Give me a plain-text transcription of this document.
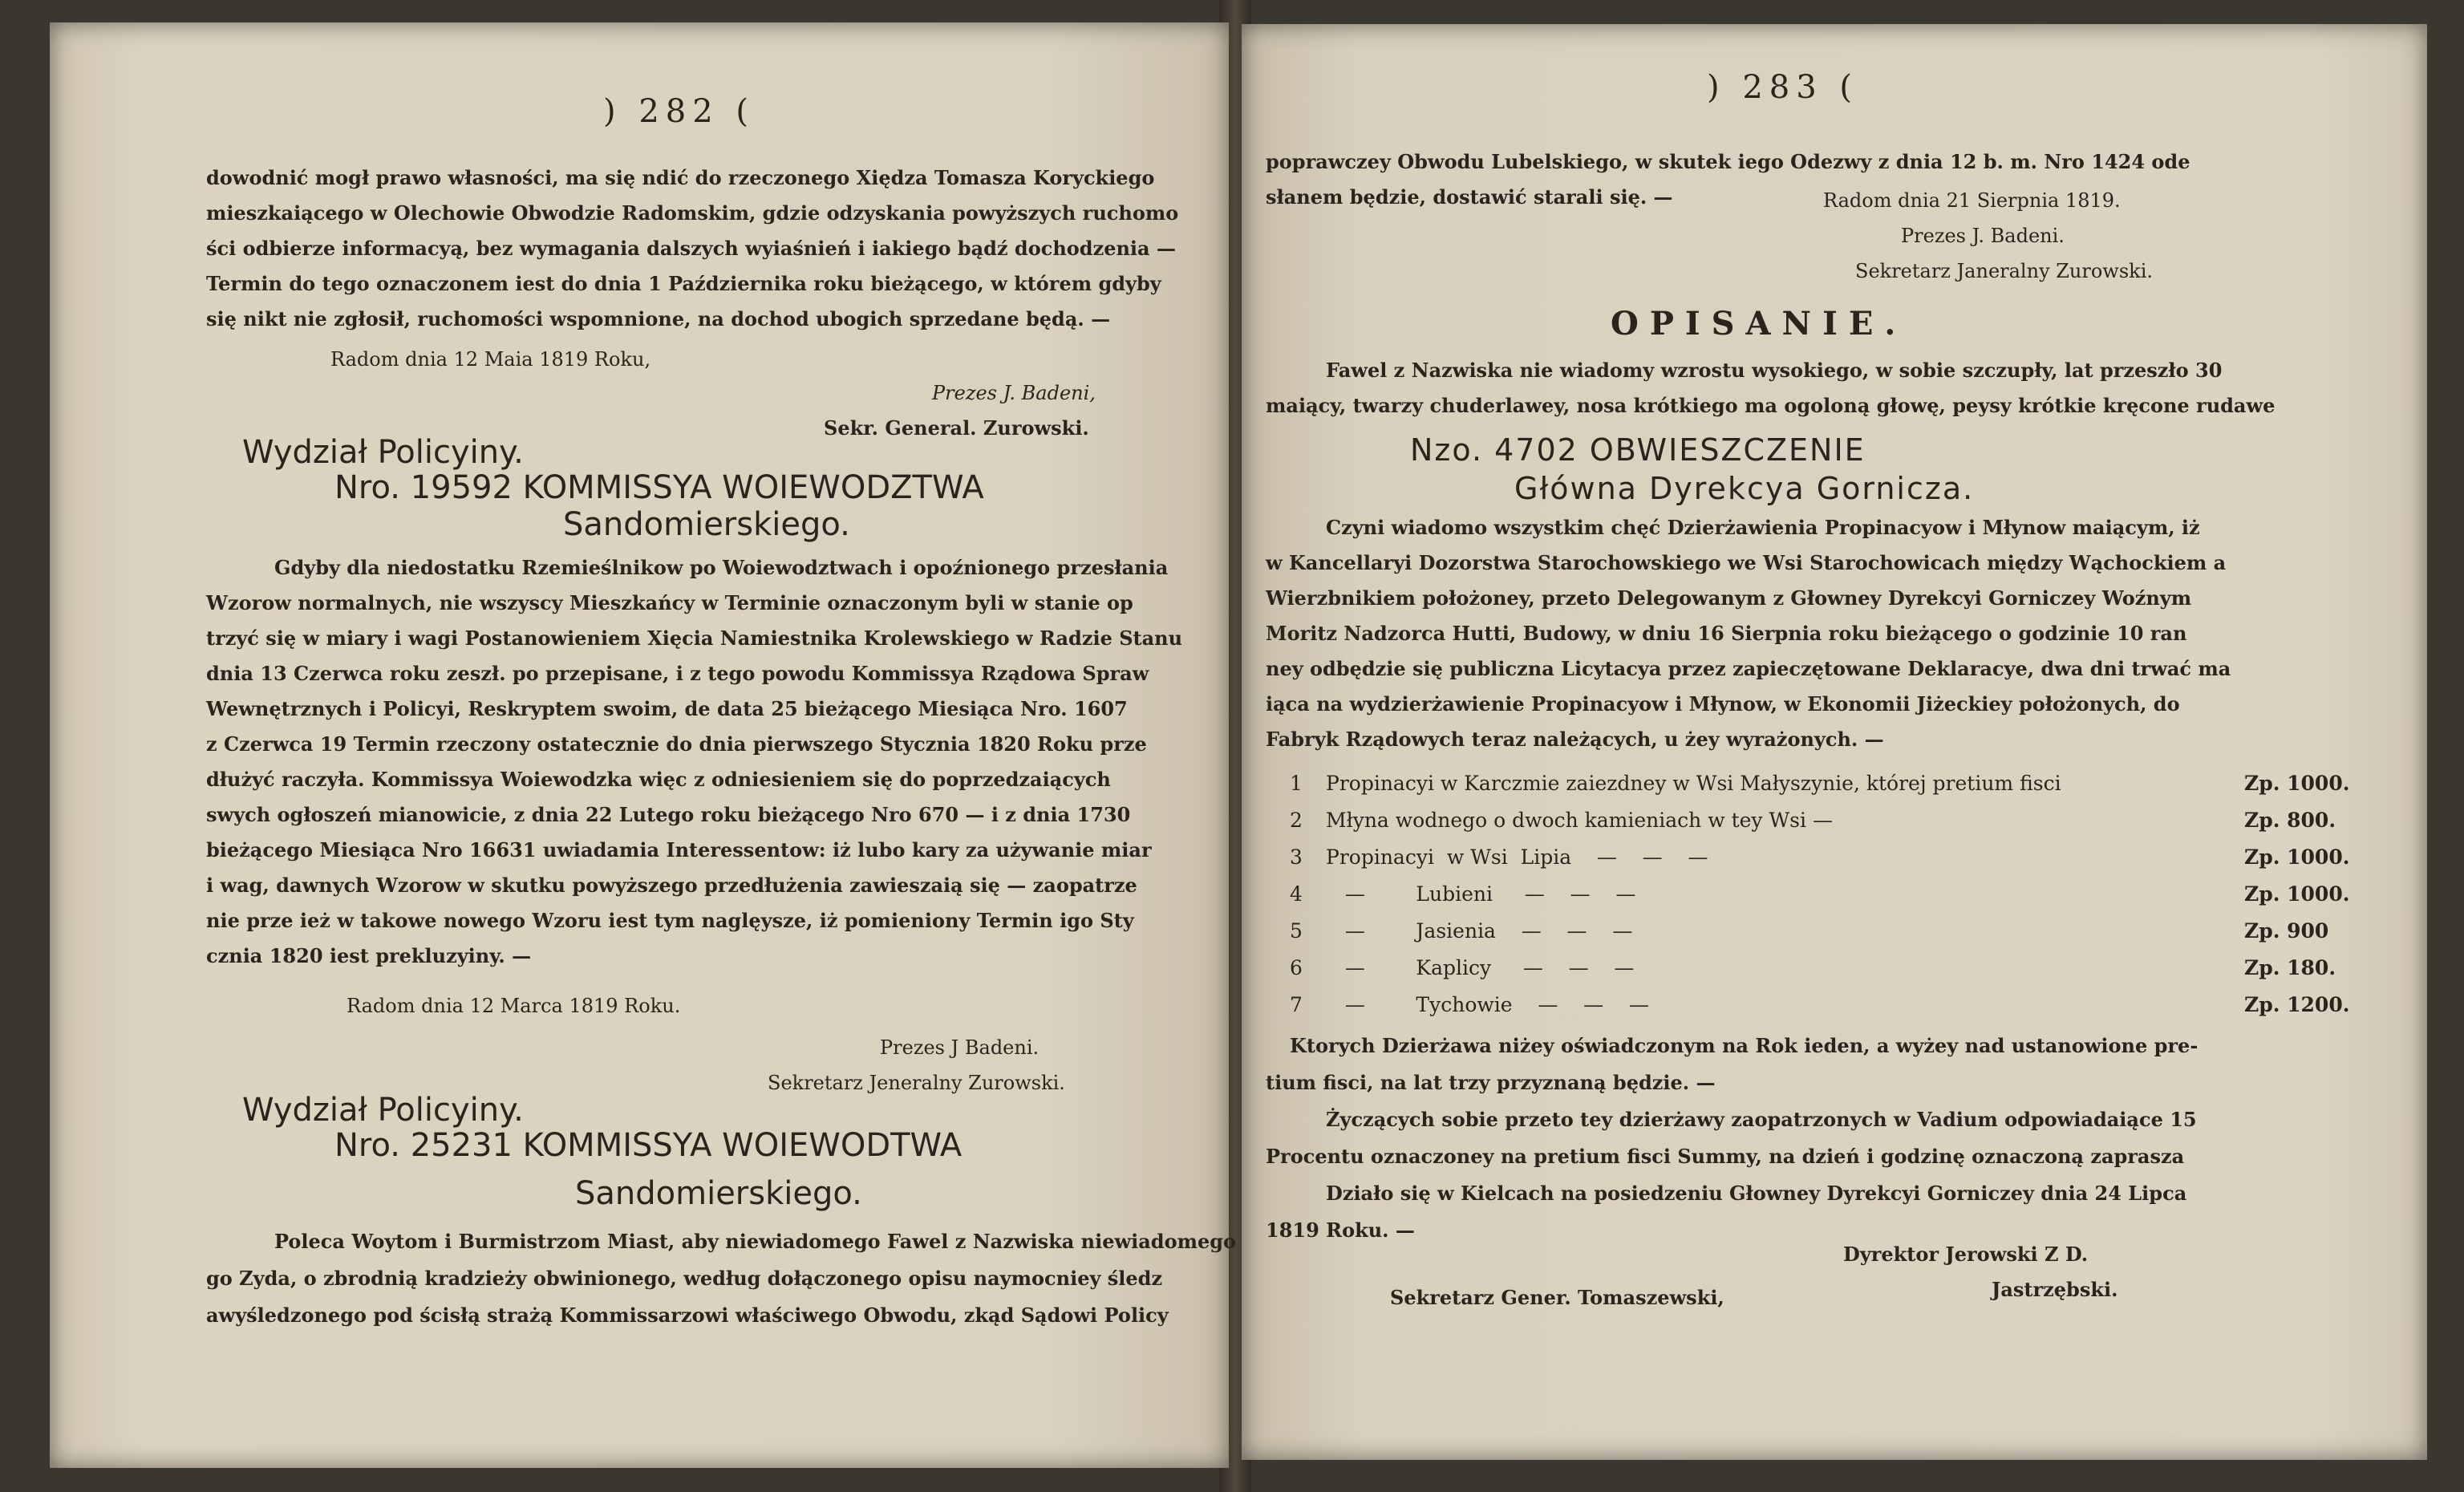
) 282 (
dowodnić mogł prawo własności, ma się ndić do rzeczonego Xiędza Tomasza Koryckiego
mieszkaiącego w Olechowie Obwodzie Radomskim, gdzie odzyskania powyższych ruchomo
ści odbierze informacyą, bez wymagania dalszych wyiaśnień i iakiego bądź dochodzenia —
Termin do tego oznaczonem iest do dnia 1 Października roku bieżącego, w którem gdyby
się nikt nie zgłosił, ruchomości wspomnione, na dochod ubogich sprzedane będą. —
Radom dnia 12 Maia 1819 Roku,
Prezes J. Badeni,
Sekr. General. Zurowski.
Wydział Policyiny.
Nro. 19592 KOMMISSYA WOIEWODZTWA
Sandomierskiego.
Gdyby dla niedostatku Rzemieślnikow po Woiewodztwach i opoźnionego przesłania
Wzorow normalnych, nie wszyscy Mieszkańcy w Terminie oznaczonym byli w stanie op
trzyć się w miary i wagi Postanowieniem Xięcia Namiestnika Krolewskiego w Radzie Stanu
dnia 13 Czerwca roku zeszł. po przepisane, i z tego powodu Kommissya Rządowa Spraw
Wewnętrznych i Policyi, Reskryptem swoim, de data 25 bieżącego Miesiąca Nro. 1607
z Czerwca 19 Termin rzeczony ostatecznie do dnia pierwszego Stycznia 1820 Roku prze
dłużyć raczyła. Kommissya Woiewodzka więc z odniesieniem się do poprzedzaiących
swych ogłoszeń mianowicie, z dnia 22 Lutego roku bieżącego Nro 670 — i z dnia 1730
bieżącego Miesiąca Nro 16631 uwiadamia Interessentow: iż lubo kary za używanie miar
i wag, dawnych Wzorow w skutku powyższego przedłużenia zawieszaią się — zaopatrze
nie prze ież w takowe nowego Wzoru iest tym naglęysze, iż pomieniony Termin igo Sty
cznia 1820 iest prekluzyiny. —
Radom dnia 12 Marca 1819 Roku.
Prezes J Badeni.
Sekretarz Jeneralny Zurowski.
Wydział Policyiny.
Nro. 25231 KOMMISSYA WOIEWODTWA
Sandomierskiego.
Poleca Woytom i Burmistrzom Miast, aby niewiadomego Fawel z Nazwiska niewiadomego
go Zyda, o zbrodnią kradzieży obwinionego, według dołączonego opisu naymocniey śledz
awyśledzonego pod ścisłą strażą Kommissarzowi właściwego Obwodu, zkąd Sądowi Policy
) 283 (
poprawczey Obwodu Lubelskiego, w skutek iego Odezwy z dnia 12 b. m. Nro 1424 ode
słanem będzie, dostawić starali się. —	Radom dnia 21 Sierpnia 1819.
Prezes J. Badeni.
Sekretarz Janeralny Zurowski.
OPISANIE.
Fawel z Nazwiska nie wiadomy wzrostu wysokiego, w sobie szczupły, lat przeszło 30
maiący, twarzy chuderlawey, nosa krótkiego ma ogoloną głowę, peysy krótkie kręcone rudawe
Nzo. 4702 OBWIESZCZENIE
Główna Dyrekcya Gornicza.
Czyni wiadomo wszystkim chęć Dzierżawienia Propinacyow i Młynow maiącym, iż
w Kancellaryi Dozorstwa Starochowskiego we Wsi Starochowicach między Wąchockiem a
Wierzbnikiem położoney, przeto Delegowanym z Głowney Dyrekcyi Gorniczey Woźnym
Moritz Nadzorca Hutti, Budowy, w dniu 16 Sierpnia roku bieżącego o godzinie 10 ran
ney odbędzie się publiczna Licytacya przez zapieczętowane Deklaracye, dwa dni trwać ma
iąca na wydzierżawienie Propinacyow i Młynow, w Ekonomii Jiżeckiey położonych, do
Fabryk Rządowych teraz należących, u żey wyrażonych. —
1 Propinacyi w Karczmie zaiezdney w Wsi Małyszynie, której pretium fisci	Zp. 1000.
2 Młyna wodnego o dwoch kamieniach w tey Wsi —	Zp. 800.
3 Propinacyi  w Wsi  Lipia    —    —    —	Zp. 1000.
4 —        Lubieni     —    —    —	Zp. 1000.
5 —        Jasienia    —    —    —	Zp. 900
6 —        Kaplicy     —    —    —	Zp. 180.
7 —        Tychowie    —    —    —	Zp. 1200.
Ktorych Dzierżawa niżey oświadczonym na Rok ieden, a wyżey nad ustanowione pre-
tium fisci, na lat trzy przyznaną będzie. —
Życzących sobie przeto tey dzierżawy zaopatrzonych w Vadium odpowiadaiące 15
Procentu oznaczoney na pretium fisci Summy, na dzień i godzinę oznaczoną zaprasza
Działo się w Kielcach na posiedzeniu Głowney Dyrekcyi Gorniczey dnia 24 Lipca
1819 Roku. —
Dyrektor Jerowski Z D.
Sekretarz Gener. Tomaszewski,	Jastrzębski.
